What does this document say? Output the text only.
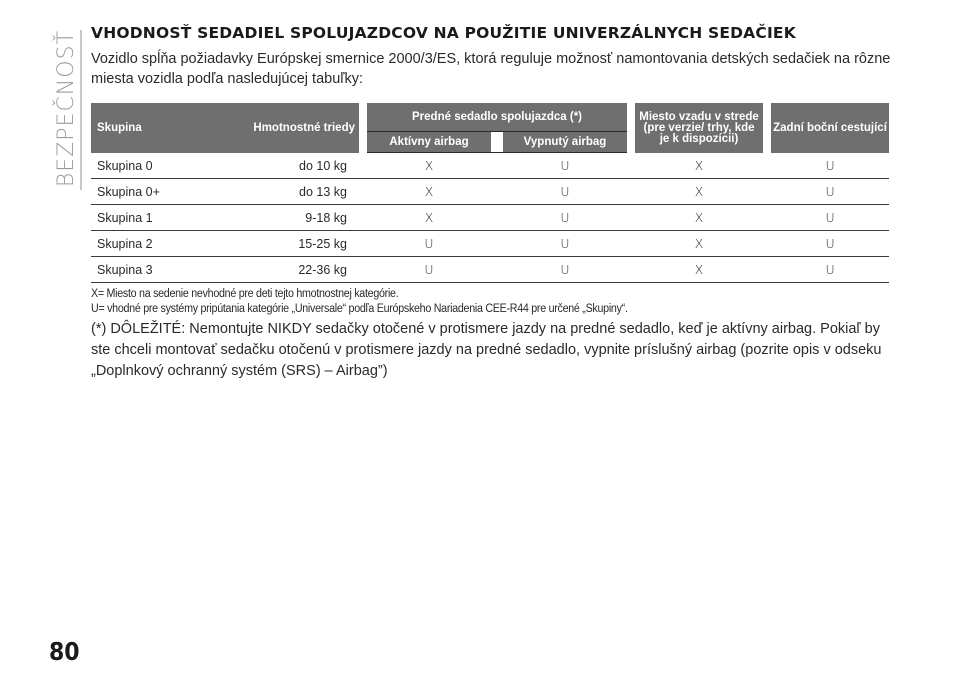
BEZPEČNOSŤ
80
VHODNOSŤ SEDADIEL SPOLUJAZDCOV NA POUŽITIE UNIVERZÁLNYCH SEDAČIEK

Vozidlo spĺňa požiadavky Európskej smernice 2000/3/ES, ktorá reguluje možnosť namontovania detských sedačiek na rôzne miesta vozidla podľa nasledujúcej tabuľky:

Skupina	Hmotnostné triedy		Predné sedadlo spolujazdca (*)				Miesto vzadu v strede (pre verzie/ trhy, kde je k dispozícii)		Zadní boční cestující
			Aktívny airbag		Vypnutý airbag				
Skupina 0	do 10 kg		X		U		X		U
Skupina 0+	do 13 kg		X		U		X		U
Skupina 1	9-18 kg		X		U		X		U
Skupina 2	15-25 kg		U		U		X		U
Skupina 3	22-36 kg		U		U		X		U
X= Miesto na sedenie nevhodné pre deti tejto hmotnostnej kategórie.
U= vhodné pre systémy pripútania kategórie „Universale“ podľa Európskeho Nariadenia CEE-R44 pre určené „Skupiny“.

(*) DÔLEŽITÉ: Nemontujte NIKDY sedačky otočené v protismere jazdy na predné sedadlo, keď je aktívny airbag. Pokiaľ by ste chceli montovať sedačku otočenú v protismere jazdy na predné sedadlo, vypnite príslušný airbag (pozrite opis v odseku „Doplnkový ochranný systém (SRS) – Airbag”)
